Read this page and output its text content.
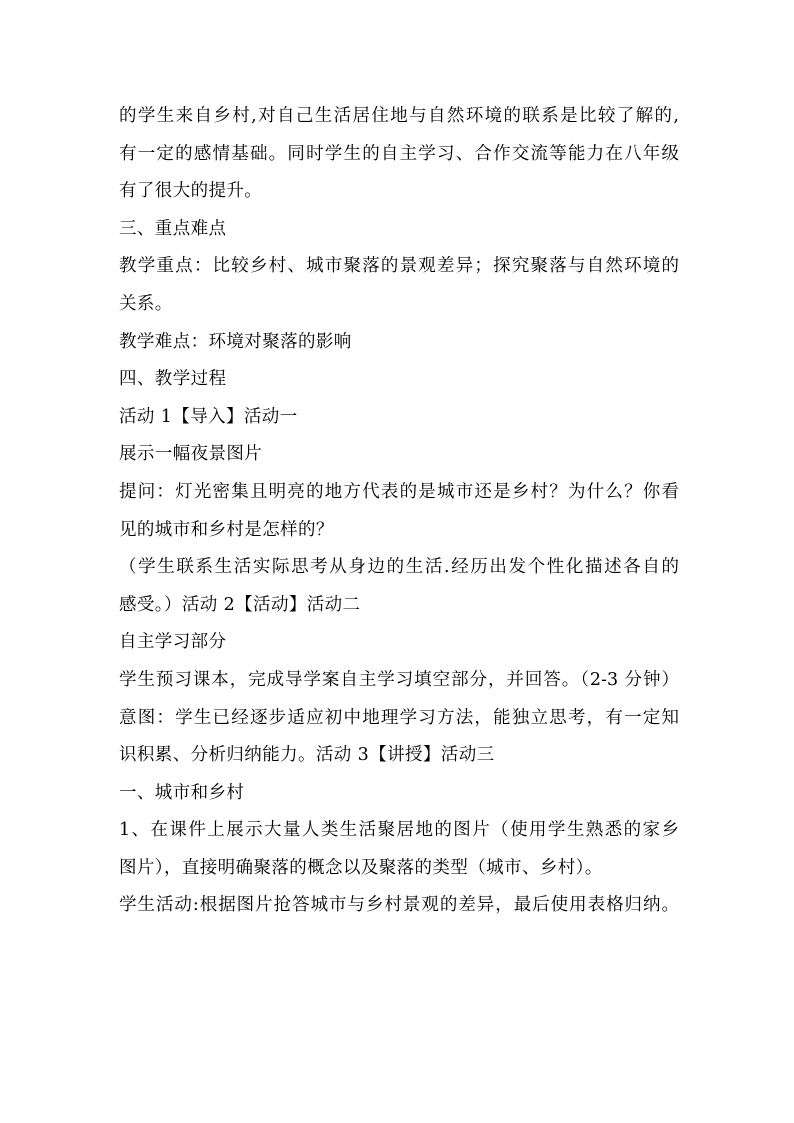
的学生来自乡村,对自己生活居住地与自然环境的联系是比较了解的,
有一定的感情基础。同时学生的自主学习、合作交流等能力在八年级
有了很大的提升。
三、重点难点
教学重点：比较乡村、城市聚落的景观差异；探究聚落与自然环境的
关系。
教学难点：环境对聚落的影响
四、教学过程
活动 1【导入】活动一
展示一幅夜景图片
提问：灯光密集且明亮的地方代表的是城市还是乡村？为什么？你看
见的城市和乡村是怎样的？
（学生联系生活实际思考从身边的生活.经历出发个性化描述各自的
感受。）活动 2【活动】活动二
自主学习部分
学生预习课本，完成导学案自主学习填空部分，并回答。（2-3 分钟）
意图：学生已经逐步适应初中地理学习方法，能独立思考，有一定知
识积累、分析归纳能力。活动 3【讲授】活动三
一、城市和乡村
1、在课件上展示大量人类生活聚居地的图片（使用学生熟悉的家乡
图片），直接明确聚落的概念以及聚落的类型（城市、乡村）。
学生活动:根据图片抢答城市与乡村景观的差异，最后使用表格归纳。
